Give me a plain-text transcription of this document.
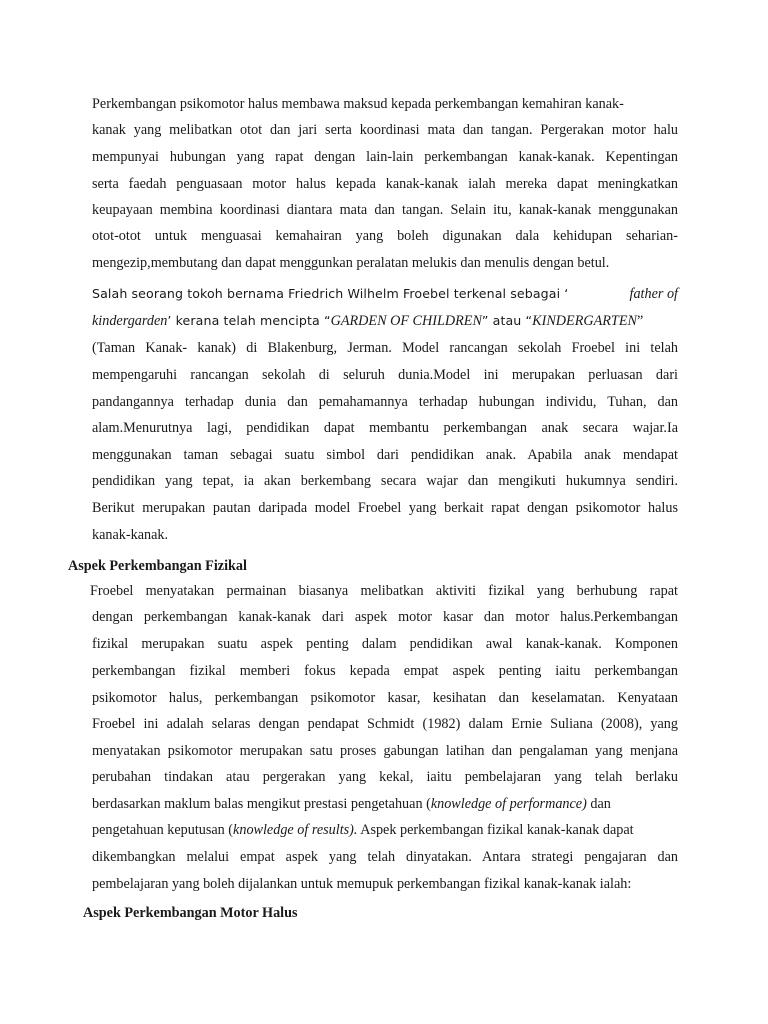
Perkembangan psikomotor halus membawa maksud kepada perkembangan kemahiran kanak-
kanak yang melibatkan otot dan jari serta koordinasi mata dan tangan. Pergerakan motor halu
mempunyai hubungan yang rapat dengan lain-lain perkembangan kanak-kanak. Kepentingan
serta faedah penguasaan motor halus kepada kanak-kanak ialah mereka dapat meningkatkan
keupayaan membina koordinasi diantara mata dan tangan. Selain itu, kanak-kanak menggunakan
otot-otot untuk menguasai kemahairan yang boleh digunakan dala kehidupan seharian-
mengezip,membutang dan dapat menggunkan peralatan melukis dan menulis dengan betul.
Salah seorang tokoh bernama Friedrich Wilhelm Froebel terkenal sebagai ‘	father of
kindergarden’ kerana telah mencipta “GARDEN OF CHILDREN” atau “KINDERGARTEN”
(Taman Kanak- kanak) di Blakenburg, Jerman. Model rancangan sekolah Froebel ini telah
mempengaruhi rancangan sekolah di seluruh dunia.Model ini merupakan perluasan dari
pandangannya terhadap dunia dan pemahamannya terhadap hubungan individu, Tuhan, dan
alam.Menurutnya lagi, pendidikan dapat membantu perkembangan anak secara wajar.Ia
menggunakan taman sebagai suatu simbol dari pendidikan anak. Apabila anak mendapat
pendidikan yang tepat, ia akan berkembang secara wajar dan mengikuti hukumnya sendiri.
Berikut merupakan pautan daripada model Froebel yang berkait rapat dengan psikomotor halus
kanak-kanak.
Aspek Perkembangan Fizikal
Froebel menyatakan permainan biasanya melibatkan aktiviti fizikal yang berhubung rapat
dengan perkembangan kanak-kanak dari aspek motor kasar dan motor halus.Perkembangan
fizikal merupakan suatu aspek penting dalam pendidikan awal kanak-kanak. Komponen
perkembangan fizikal memberi fokus kepada empat aspek penting iaitu perkembangan
psikomotor halus, perkembangan psikomotor kasar, kesihatan dan keselamatan. Kenyataan
Froebel ini adalah selaras dengan pendapat Schmidt (1982) dalam Ernie Suliana (2008), yang
menyatakan psikomotor merupakan satu proses gabungan latihan dan pengalaman yang menjana
perubahan tindakan atau pergerakan yang kekal, iaitu pembelajaran yang telah berlaku
berdasarkan maklum balas mengikut prestasi pengetahuan (knowledge of performance) dan
pengetahuan keputusan (knowledge of results). Aspek perkembangan fizikal kanak-kanak dapat
dikembangkan melalui empat aspek yang telah dinyatakan. Antara strategi pengajaran dan
pembelajaran yang boleh dijalankan untuk memupuk perkembangan fizikal kanak-kanak ialah:
Aspek Perkembangan Motor Halus
